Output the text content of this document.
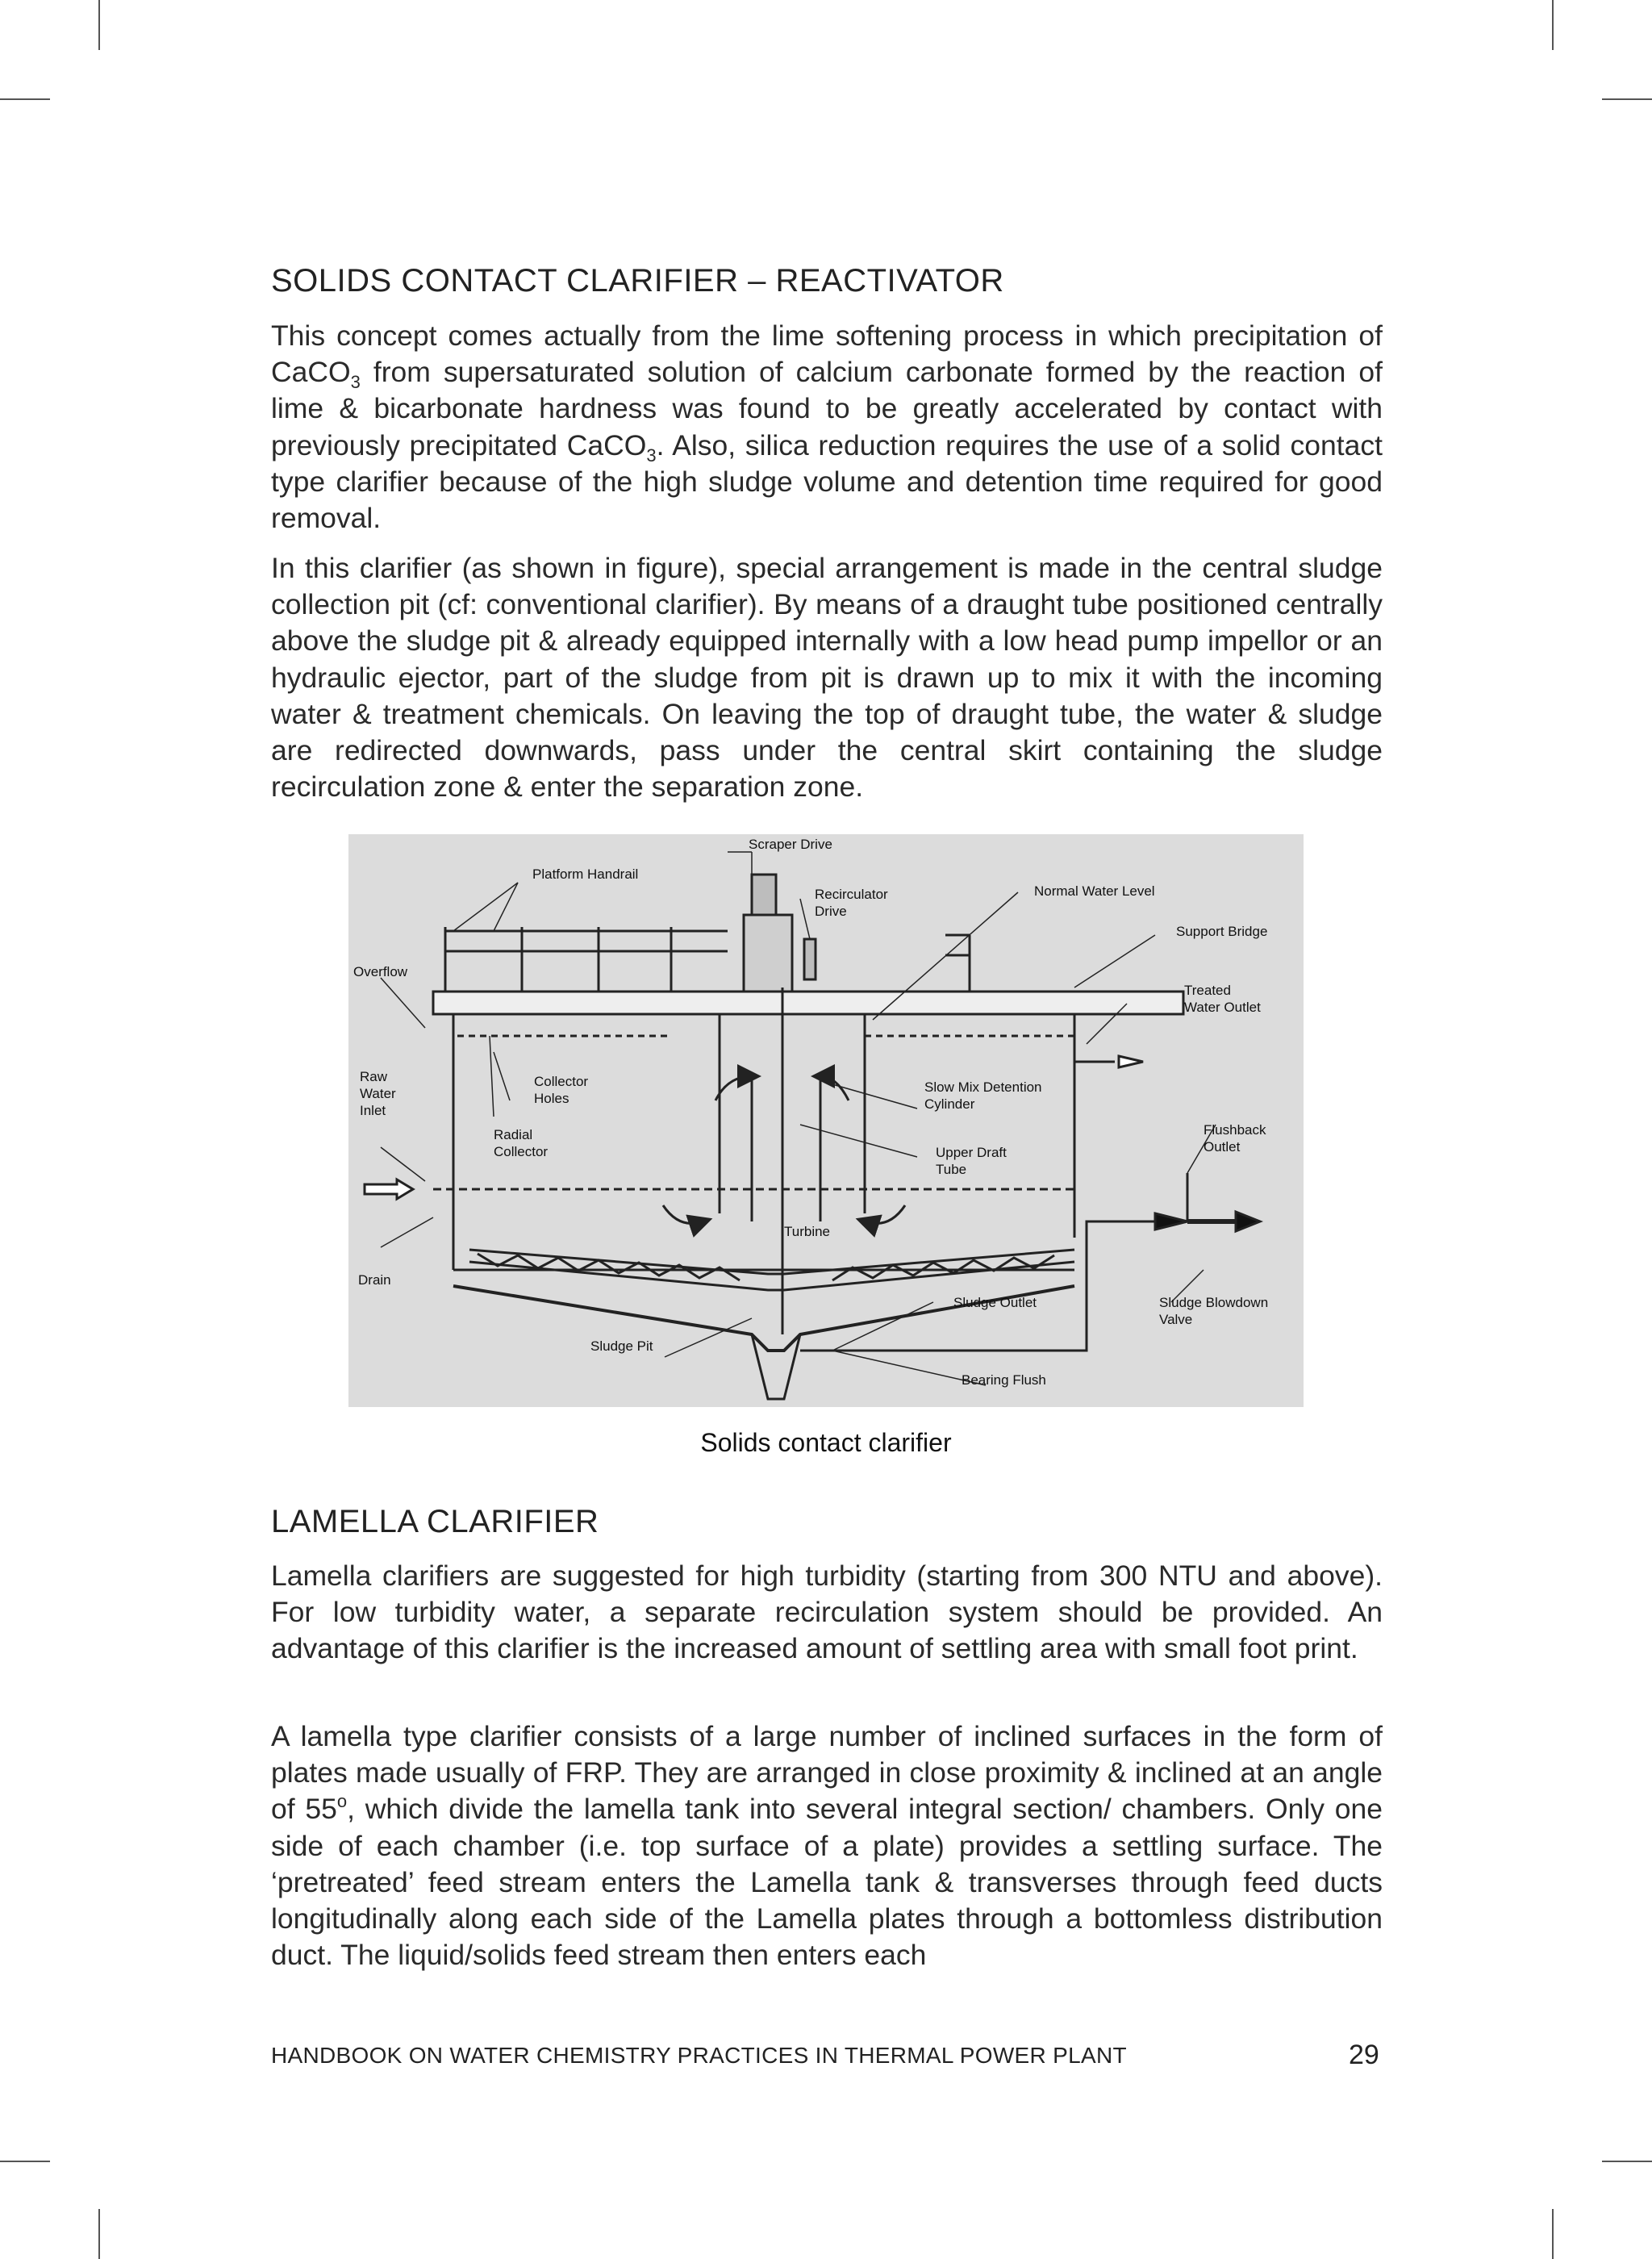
SOLIDS CONTACT CLARIFIER – REACTIVATOR

This concept comes actually from the lime softening process in which precipitation of CaCO$_3$ from supersaturated solution of calcium carbonate formed by the reaction of lime & bicarbonate hardness was found to be greatly accelerated by contact with previously precipitated CaCO$_3$. Also, silica reduction requires the use of a solid contact type clarifier because of the high sludge volume and detention time required for good removal.

In this clarifier (as shown in figure), special arrangement is made in the central sludge collection pit (cf: conventional clarifier). By means of a draught tube positioned centrally above the sludge pit & already equipped internally with a low head pump impellor or an hydraulic ejector, part of the sludge from pit is drawn up to mix it with the incoming water & treatment chemicals. On leaving the top of draught tube, the water & sludge are redirected downwards, pass under the central skirt containing the sludge recirculation zone & enter the separation zone.

LAMELLA CLARIFIER

Lamella clarifiers are suggested for high turbidity (starting from 300 NTU and above). For low turbidity water, a separate recirculation system should be provided. An advantage of this clarifier is the increased amount of settling area with small foot print.

A lamella type clarifier consists of a large number of inclined surfaces in the form of plates made usually of FRP. They are arranged in close proximity & inclined at an angle of 55$^o$, which divide the lamella tank into several integral section/ chambers. Only one side of each chamber (i.e. top surface of a plate) provides a settling surface. The ‘pretreated’ feed stream enters the Lamella tank & transverses through feed ducts longitudinally along each side of the Lamella plates through a bottomless distribution duct. The liquid/solids feed stream then enters each

Scraper Drive
Platform Handrail
Recirculator
Drive
Normal Water Level
Support Bridge
Overflow
Treated
Water Outlet
Raw
Water
Inlet
Collector
Holes
Slow Mix Detention
Cylinder
Radial
Collector	Upper Draft
Tube
Flushback
Outlet
Turbine
Drain
Sludge Outlet	Sludge Blowdown
Valve
Sludge Pit
Bearing Flush
Solids contact clarifier
HANDBOOK ON WATER CHEMISTRY PRACTICES IN THERMAL POWER PLANT	29
